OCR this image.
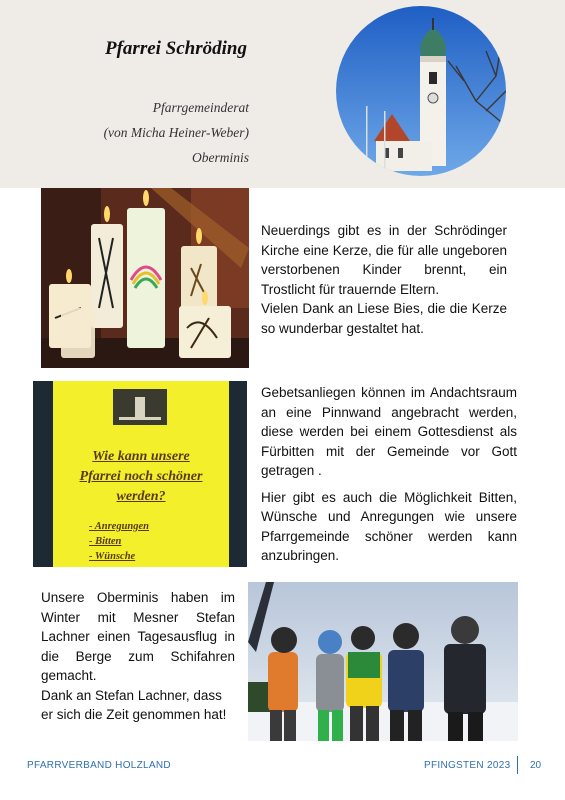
Pfarrei Schröding
Pfarrgemeinderat
(von Micha Heiner-Weber)
Oberminis

Neuerdings gibt es in der Schrödinger Kirche eine Kerze, die für alle ungeboren verstorbenen Kinder brennt, ein Trostlicht für trauernde Eltern.

Vielen Dank an Liese Bies, die die Kerze so wunderbar gestaltet hat.

Wie kann unsere
Pfarrei noch schöner
werden?
- Anregungen
- Bitten
- Wünsche

Gebetsanliegen können im Andachtsraum an eine Pinnwand angebracht werden, diese werden bei einem Gottesdienst als Fürbitten mit der Gemeinde vor Gott getragen .

Hier gibt es auch die Möglichkeit Bitten, Wünsche und Anregungen wie unsere Pfarrgemeinde schöner werden kann anzubringen.

Unsere Oberminis haben im Winter mit Mesner Stefan Lachner einen Tagesausflug in die Berge zum Schifahren gemacht.

Dank an Stefan Lachner, dass er sich die Zeit genommen hat!

PFARRVERBAND HOLZLAND	PFINGSTEN 2023 20
